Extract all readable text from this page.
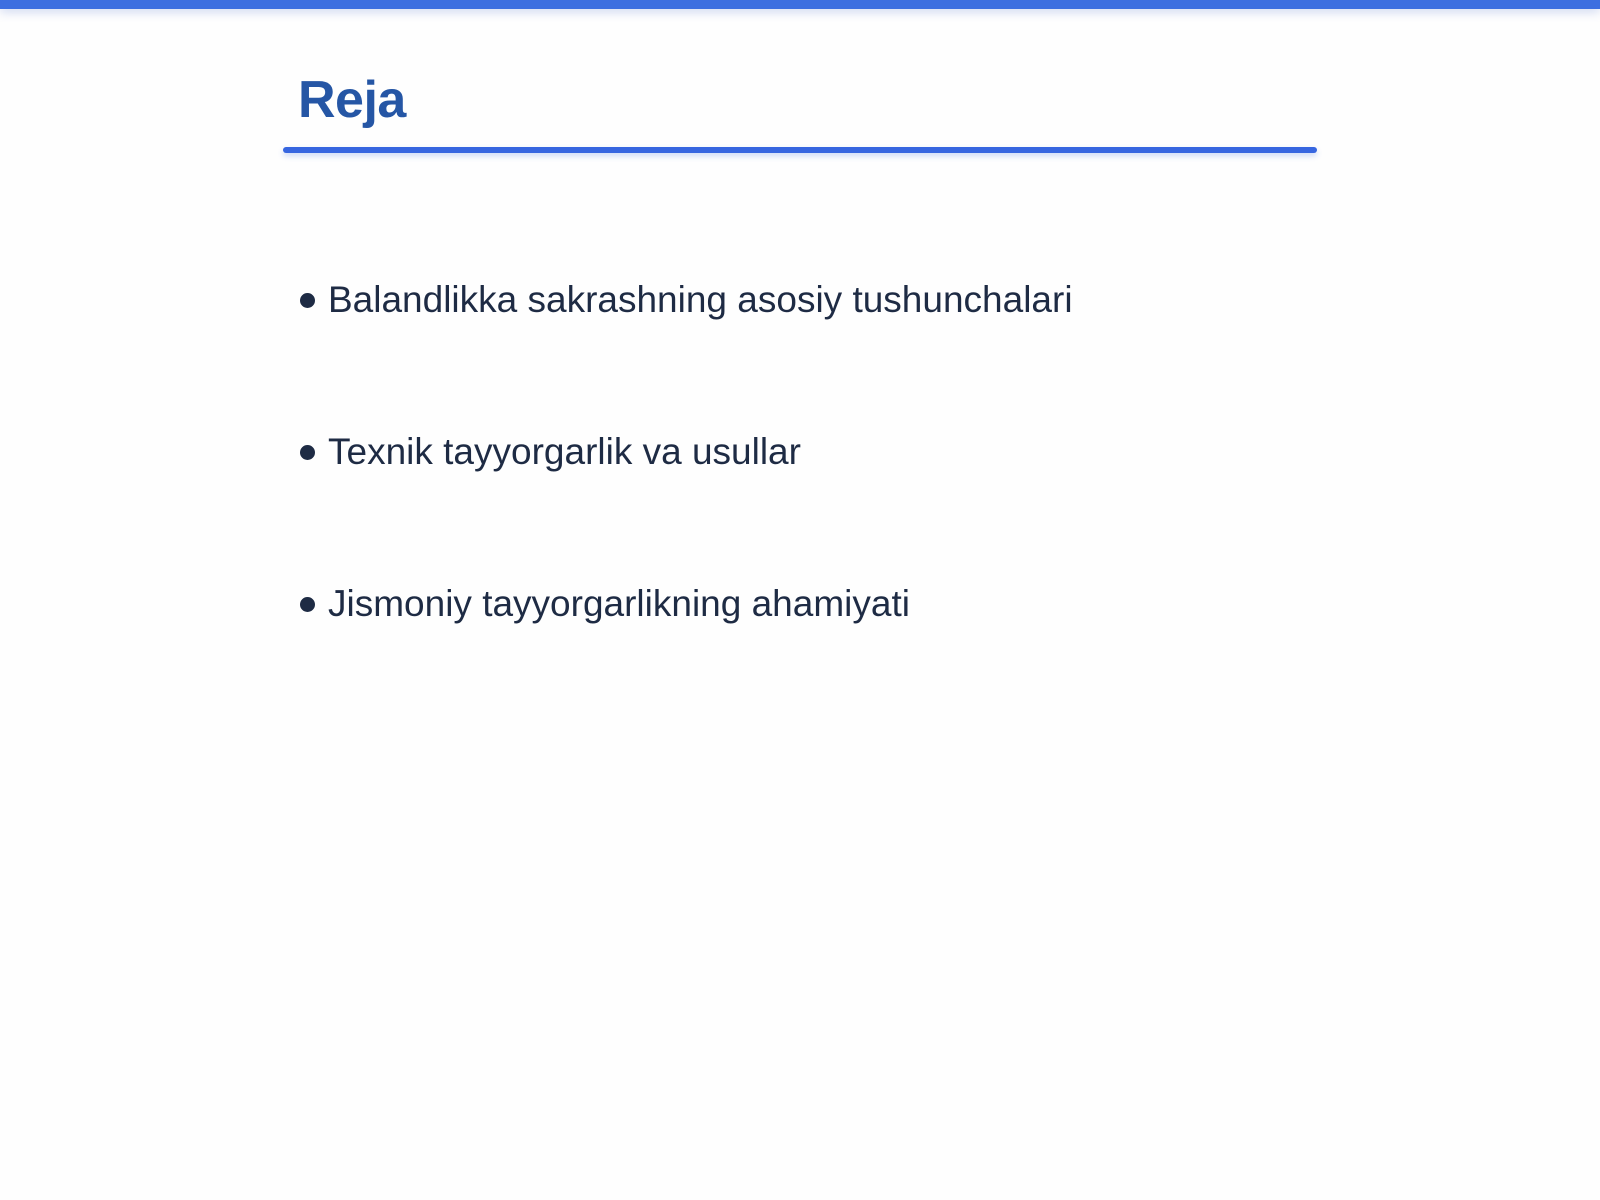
Reja
Balandlikka sakrashning asosiy tushunchalari
Texnik tayyorgarlik va usullar
Jismoniy tayyorgarlikning ahamiyati
